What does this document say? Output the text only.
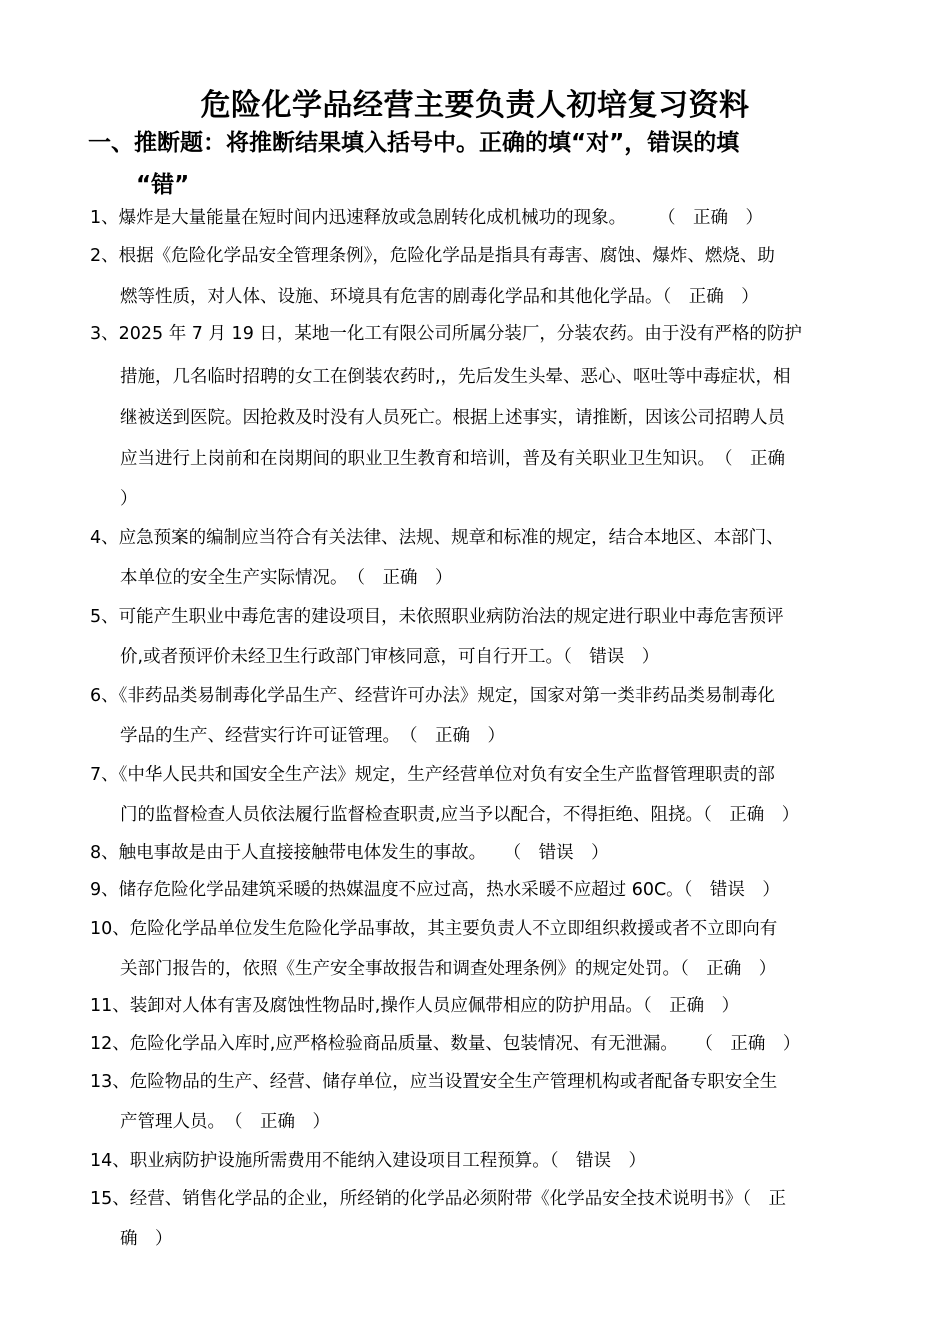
危险化学品经营主要负责人初培复习资料
一、推断题：将推断结果填入括号中。正确的填“对”，错误的填
“错”
1、爆炸是大量能量在短时间内迅速释放或急剧转化成机械功的现象。　　 （　正确　）
2、根据《危险化学品安全管理条例》，危险化学品是指具有毒害、腐蚀、爆炸、燃烧、助
燃等性质，对人体、设施、环境具有危害的剧毒化学品和其他化学品。（　正确　）
3、2025 年 7 月 19 日，某地一化工有限公司所属分装厂，分装农药。由于没有严格的防护
措施，几名临时招聘的女工在倒装农药时,，先后发生头晕、恶心、呕吐等中毒症状，相
继被送到医院。因抢救及时没有人员死亡。根据上述事实，请推断，因该公司招聘人员
应当进行上岗前和在岗期间的职业卫生教育和培训，普及有关职业卫生知识。　（　正确
）
4、应急预案的编制应当符合有关法律、法规、规章和标准的规定，结合本地区、本部门、
本单位的安全生产实际情况。　（　正确　）
5、可能产生职业中毒危害的建设项目，未依照职业病防治法的规定进行职业中毒危害预评
价,或者预评价未经卫生行政部门审核同意，可自行开工。（　错误　）
6、《非药品类易制毒化学品生产、经营许可办法》规定，国家对第一类非药品类易制毒化
学品的生产、经营实行许可证管理。　（　正确　）
7、《中华人民共和国安全生产法》规定，生产经营单位对负有安全生产监督管理职责的部
门的监督检查人员依法履行监督检查职责,应当予以配合，不得拒绝、阻挠。（　正确　）
8、触电事故是由于人直接接触带电体发生的事故。　　（　错误　）
9、储存危险化学品建筑采暖的热媒温度不应过高，热水采暖不应超过 60C。（　错误　）
10、危险化学品单位发生危险化学品事故，其主要负责人不立即组织救援或者不立即向有
关部门报告的，依照《生产安全事故报告和调查处理条例》的规定处罚。（　正确　）
11、装卸对人体有害及腐蚀性物品时,操作人员应佩带相应的防护用品。（　正确　）
12、危险化学品入库时,应严格检验商品质量、数量、包装情况、有无泄漏。　　（　正确　）
13、危险物品的生产、经营、储存单位，应当设置安全生产管理机构或者配备专职安全生
产管理人员。　（　正确　）
14、职业病防护设施所需费用不能纳入建设项目工程预算。（　错误　）
15、经营、销售化学品的企业，所经销的化学品必须附带《化学品安全技术说明书》（　正
确　）
